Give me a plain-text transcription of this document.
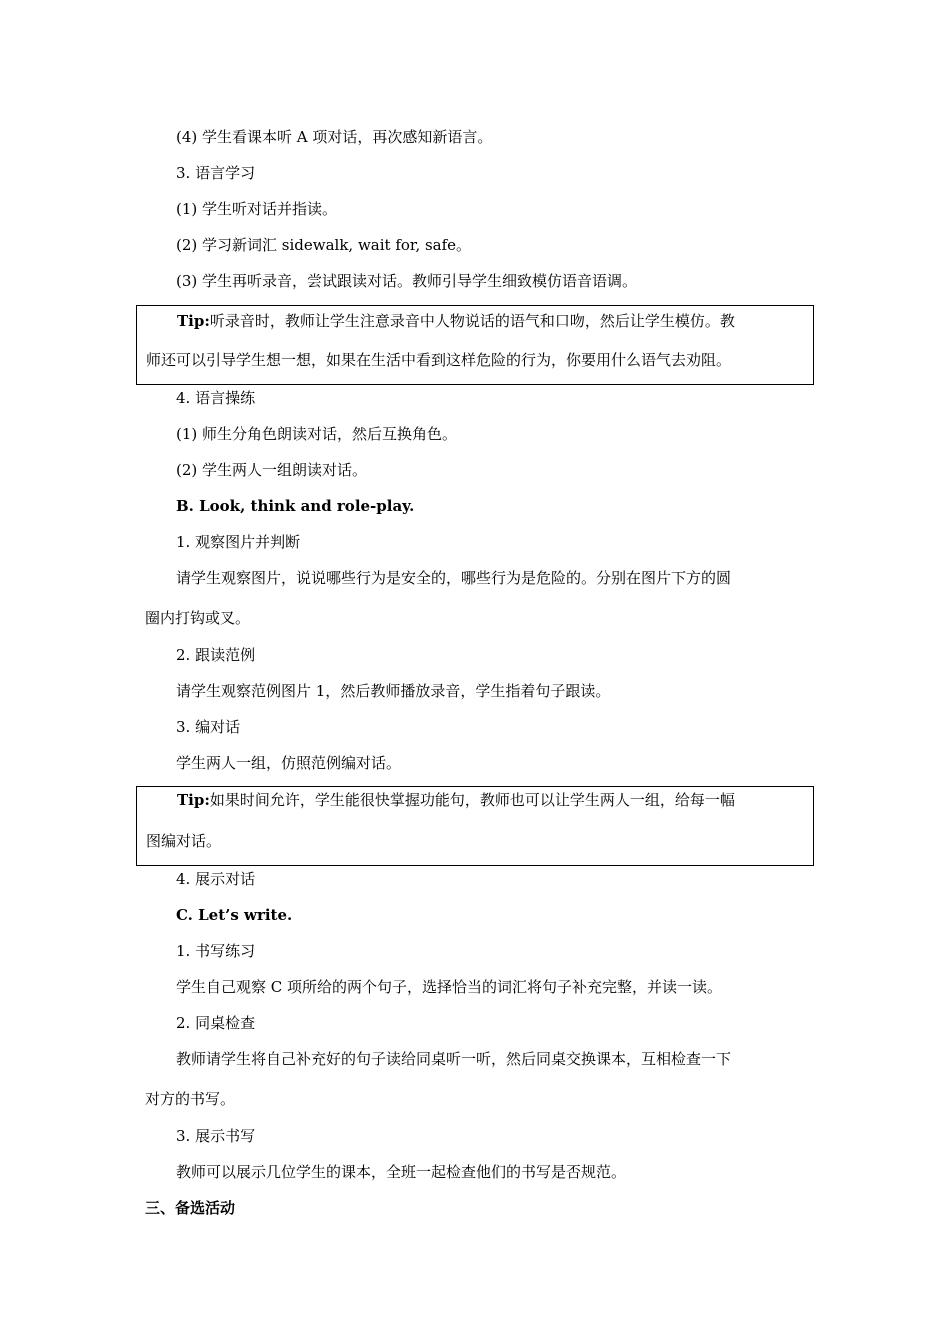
(4) 学生看课本听 A 项对话，再次感知新语言。
3. 语言学习
(1) 学生听对话并指读。
(2) 学习新词汇 sidewalk, wait for, safe。
(3) 学生再听录音，尝试跟读对话。教师引导学生细致模仿语音语调。
Tip:听录音时，教师让学生注意录音中人物说话的语气和口吻，然后让学生模仿。教
师还可以引导学生想一想，如果在生活中看到这样危险的行为，你要用什么语气去劝阻。
4. 语言操练
(1) 师生分角色朗读对话，然后互换角色。
(2) 学生两人一组朗读对话。
B. Look, think and role-play.
1. 观察图片并判断
请学生观察图片，说说哪些行为是安全的，哪些行为是危险的。分别在图片下方的圆
圈内打钩或叉。
2. 跟读范例
请学生观察范例图片 1，然后教师播放录音，学生指着句子跟读。
3. 编对话
学生两人一组，仿照范例编对话。
Tip:如果时间允许，学生能很快掌握功能句，教师也可以让学生两人一组，给每一幅
图编对话。
4. 展示对话
C. Let’s write.
1. 书写练习
学生自己观察 C 项所给的两个句子，选择恰当的词汇将句子补充完整，并读一读。
2. 同桌检查
教师请学生将自己补充好的句子读给同桌听一听，然后同桌交换课本，互相检查一下
对方的书写。
3. 展示书写
教师可以展示几位学生的课本，全班一起检查他们的书写是否规范。
三、备选活动
